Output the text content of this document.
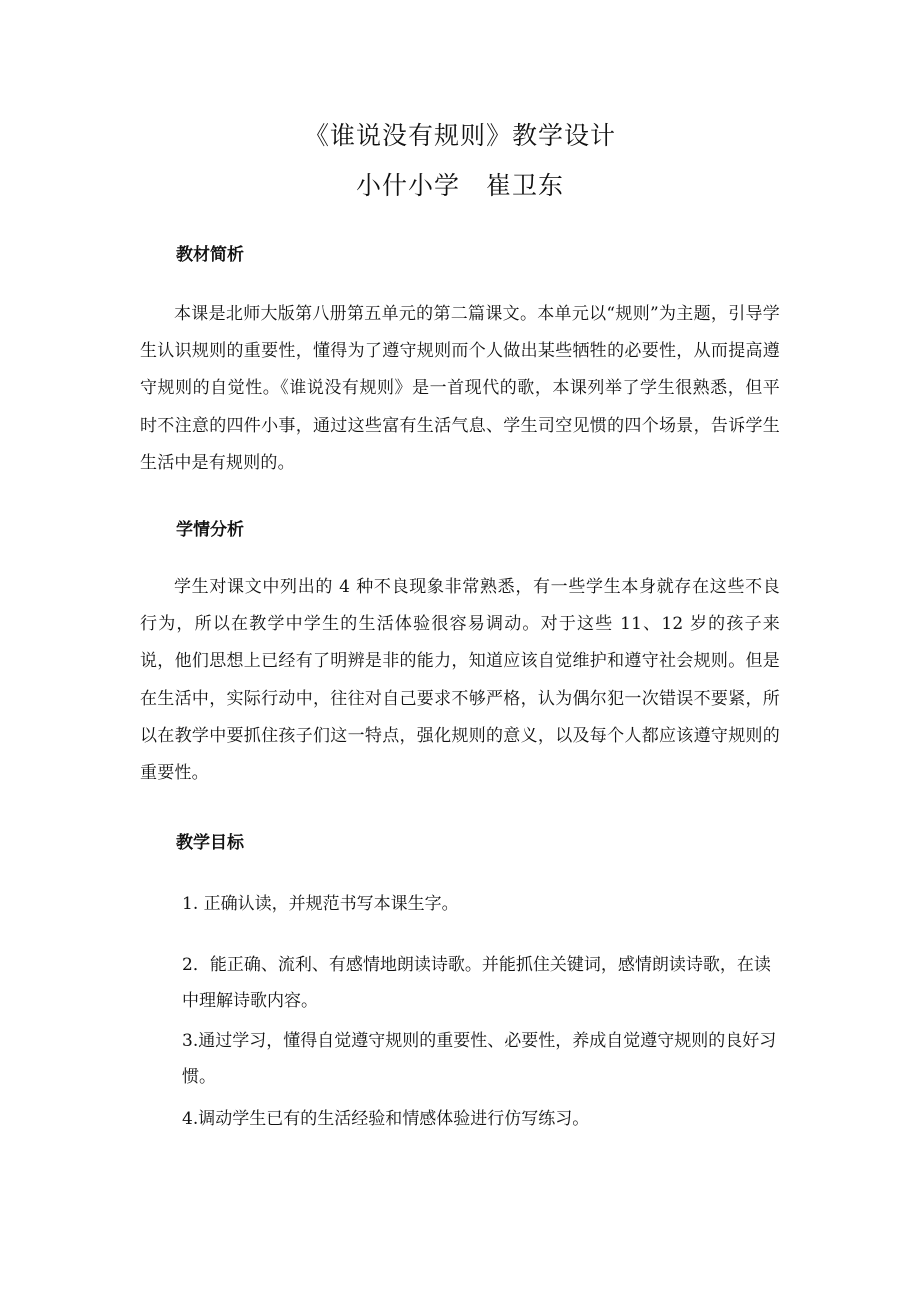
《谁说没有规则》教学设计
小什小学　崔卫东
教材简析
本课是北师大版第八册第五单元的第二篇课文。本单元以“规则”为主题，引导学生认识规则的重要性，懂得为了遵守规则而个人做出某些牺牲的必要性，从而提高遵守规则的自觉性。《谁说没有规则》是一首现代的歌，本课列举了学生很熟悉，但平时不注意的四件小事，通过这些富有生活气息、学生司空见惯的四个场景，告诉学生生活中是有规则的。
学情分析
学生对课文中列出的 4 种不良现象非常熟悉，有一些学生本身就存在这些不良行为，所以在教学中学生的生活体验很容易调动。对于这些 11、12 岁的孩子来说，他们思想上已经有了明辨是非的能力，知道应该自觉维护和遵守社会规则。但是在生活中，实际行动中，往往对自己要求不够严格，认为偶尔犯一次错误不要紧，所以在教学中要抓住孩子们这一特点，强化规则的意义，以及每个人都应该遵守规则的重要性。
教学目标
1. 正确认读，并规范书写本课生字。
2．能正确、流利、有感情地朗读诗歌。并能抓住关键词，感情朗读诗歌，在读中理解诗歌内容。
3.通过学习，懂得自觉遵守规则的重要性、必要性，养成自觉遵守规则的良好习惯。
4.调动学生已有的生活经验和情感体验进行仿写练习。
